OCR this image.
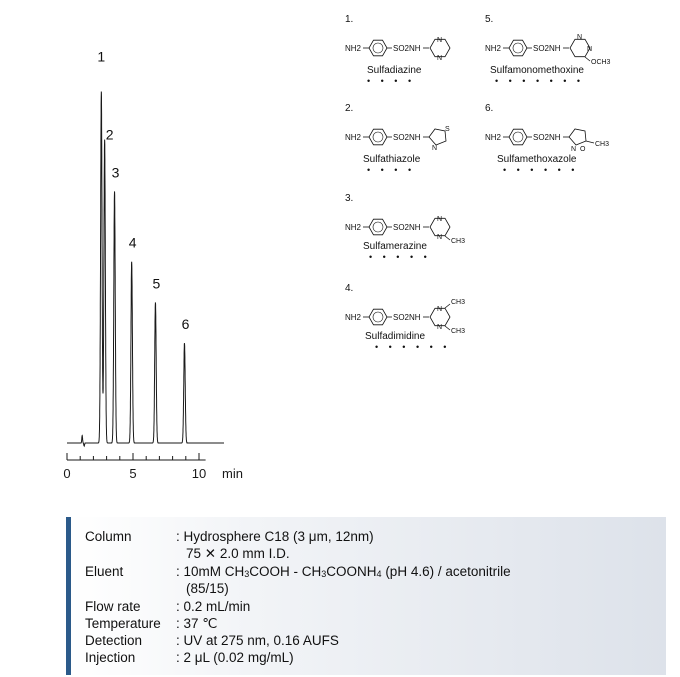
0	5	10 min
1
2
3
4
5
6
1.
NH2	SO2NH
N
N
Sulfadiazine
• • • •
2.
NH2	SO2NH
S
N
Sulfathiazole
• • • •
3.
NH2	SO2NH
N
N
CH3
Sulfamerazine
• • • • •
4.
NH2	SO2NH
N
N
CH3
CH3
Sulfadimidine
• • • • • •
5.
NH2	SO2NH
N
N
OCH3
Sulfamonomethoxine
• • • • • • •
6.
NH2	SO2NH
N O
CH3
Sulfamethoxazole
• • • • • •
Column	: Hydrosphere C18 (3 μm, 12nm)
75 ✕ 2.0 mm I.D.
Eluent	: 10mM $CH_3COOH$ - $CH_3COONH_4$ (pH 4.6) / acetonitrile
(85/15)
Flow rate	: 0.2 mL/min
Temperature : 37 ℃
Detection	: UV at 275 nm, 0.16 AUFS
Injection	: 2 μL (0.02 mg/mL)
